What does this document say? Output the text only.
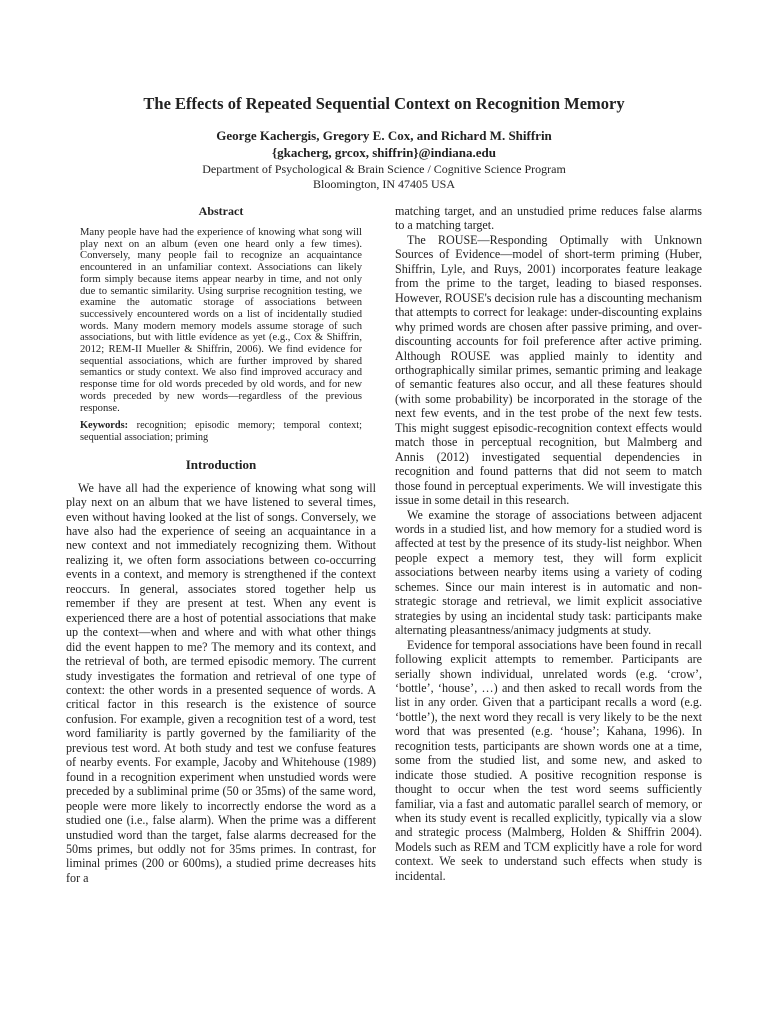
The Effects of Repeated Sequential Context on Recognition Memory
George Kachergis, Gregory E. Cox, and Richard M. Shiffrin
{gkacherg, grcox, shiffrin}@indiana.edu
Department of Psychological & Brain Science / Cognitive Science Program
Bloomington, IN 47405 USA
Abstract

Many people have had the experience of knowing what song will play next on an album (even one heard only a few times). Conversely, many people fail to recognize an acquaintance encountered in an unfamiliar context. Associations can likely form simply because items appear nearby in time, and not only due to semantic similarity. Using surprise recognition testing, we examine the automatic storage of associations between successively encountered words on a list of incidentally studied words. Many modern memory models assume storage of such associations, but with little evidence as yet (e.g., Cox & Shiffrin, 2012; REM-II Mueller & Shiffrin, 2006). We find evidence for sequential associations, which are further improved by shared semantics or study context. We also find improved accuracy and response time for old words preceded by old words, and for new words preceded by new words—regardless of the previous response.

Keywords: recognition; episodic memory; temporal context; sequential association; priming

Introduction

We have all had the experience of knowing what song will play next on an album that we have listened to several times, even without having looked at the list of songs. Conversely, we have also had the experience of seeing an acquaintance in a new context and not immediately recognizing them. Without realizing it, we often form associations between co-occurring events in a context, and memory is strengthened if the context reoccurs. In general, associates stored together help us remember if they are present at test. When any event is experienced there are a host of potential associations that make up the context—when and where and with what other things did the event happen to me? The memory and its context, and the retrieval of both, are termed episodic memory. The current study investigates the formation and retrieval of one type of context: the other words in a presented sequence of words. A critical factor in this research is the existence of source confusion. For example, given a recognition test of a word, test word familiarity is partly governed by the familiarity of the previous test word. At both study and test we confuse features of nearby events. For example, Jacoby and Whitehouse (1989) found in a recognition experiment when unstudied words were preceded by a subliminal prime (50 or 35ms) of the same word, people were more likely to incorrectly endorse the word as a studied one (i.e., false alarm). When the prime was a different unstudied word than the target, false alarms decreased for the 50ms primes, but oddly not for 35ms primes. In contrast, for liminal primes (200 or 600ms), a studied prime decreases hits for a

matching target, and an unstudied prime reduces false alarms to a matching target.

The ROUSE—Responding Optimally with Unknown Sources of Evidence—model of short-term priming (Huber, Shiffrin, Lyle, and Ruys, 2001) incorporates feature leakage from the prime to the target, leading to biased responses. However, ROUSE's decision rule has a discounting mechanism that attempts to correct for leakage: under-discounting explains why primed words are chosen after passive priming, and over-discounting accounts for foil preference after active priming. Although ROUSE was applied mainly to identity and orthographically similar primes, semantic priming and leakage of semantic features also occur, and all these features should (with some probability) be incorporated in the storage of the next few events, and in the test probe of the next few tests. This might suggest episodic-recognition context effects would match those in perceptual recognition, but Malmberg and Annis (2012) investigated sequential dependencies in recognition and found patterns that did not seem to match those found in perceptual experiments. We will investigate this issue in some detail in this research.

We examine the storage of associations between adjacent words in a studied list, and how memory for a studied word is affected at test by the presence of its study-list neighbor. When people expect a memory test, they will form explicit associations between nearby items using a variety of coding schemes. Since our main interest is in automatic and non-strategic storage and retrieval, we limit explicit associative strategies by using an incidental study task: participants make alternating pleasantness/animacy judgments at study.

Evidence for temporal associations have been found in recall following explicit attempts to remember. Participants are serially shown individual, unrelated words (e.g. ‘crow’, ‘bottle’, ‘house’, …) and then asked to recall words from the list in any order. Given that a participant recalls a word (e.g. ‘bottle’), the next word they recall is very likely to be the next word that was presented (e.g. ‘house’; Kahana, 1996). In recognition tests, participants are shown words one at a time, some from the studied list, and some new, and asked to indicate those studied. A positive recognition response is thought to occur when the test word seems sufficiently familiar, via a fast and automatic parallel search of memory, or when its study event is recalled explicitly, typically via a slow and strategic process (Malmberg, Holden & Shiffrin 2004). Models such as REM and TCM explicitly have a role for word context. We seek to understand such effects when study is incidental.
